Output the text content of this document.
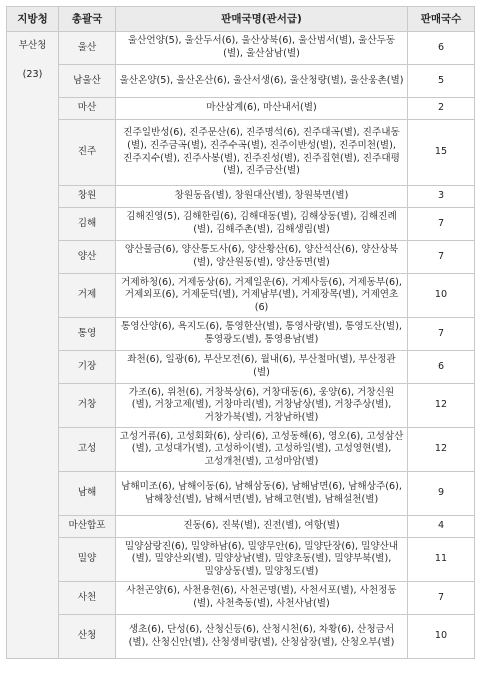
지방청	총괄국	판매국명(관서급)	판매국수

부산청
(23)	울산	울산언양(5), 울산두서(6), 울산상북(6), 울산범서(별), 울산두동(별), 울산삼남(별)	6
	남울산	울산온양(5), 울산온산(6), 울산서생(6), 울산청량(별), 울산웅촌(별)	5
	마산	마산삼계(6), 마산내서(별)	2
	진주	진주일반성(6), 진주문산(6), 진주명석(6), 진주대곡(별), 진주내동(별), 진주금곡(별), 진주수곡(별), 진주이반성(별), 진주미천(별), 진주지수(별), 진주사봉(별), 진주진성(별), 진주집현(별), 진주대평(별), 진주금산(별)	15
	창원	창원동읍(별), 창원대산(별), 창원북면(별)	3
	김해	김해진영(5), 김해한림(6), 김해대동(별), 김해상동(별), 김해진례(별), 김해주촌(별), 김해생림(별)	7
	양산	양산물금(6), 양산통도사(6), 양산황산(6), 양산석산(6), 양산상북(별), 양산원동(별), 양산동면(별)	7
	거제	거제하청(6), 거제동상(6), 거제일운(6), 거제사등(6), 거제동부(6), 거제외포(6), 거제둔덕(별), 거제남부(별), 거제장목(별), 거제연초(6)	10
	통영	통영산양(6), 욕지도(6), 통영한산(별), 통영사량(별), 통영도산(별), 통영광도(별), 통영용남(별)	7
	기장	좌천(6), 일광(6), 부산모전(6), 월내(6), 부산철마(별), 부산정관(별)	6
	거창	가조(6), 위천(6), 거창북상(6), 거창대동(6), 웅양(6), 거창신원(별), 거창고제(별), 거창마리(별), 거창남상(별), 거창주상(별), 거창가북(별), 거창남하(별)	12
	고성	고성거류(6), 고성회화(6), 상리(6), 고성동해(6), 영오(6), 고성삼산(별), 고성대가(별), 고성하이(별), 고성하일(별), 고성영현(별), 고성개천(별), 고성마암(별)	12
	남해	남해미조(6), 남해이동(6), 남해삼동(6), 남해남면(6), 남해상주(6), 남해창선(별), 남해서면(별), 남해고현(별), 남해설천(별)	9
	마산합포	진동(6), 진북(별), 진전(별), 여항(별)	4
	밀양	밀양삼랑진(6), 밀양하남(6), 밀양무안(6), 밀양단장(6), 밀양산내(별), 밀양산외(별), 밀양상남(별), 밀양초동(별), 밀양부북(별), 밀양상동(별), 밀양청도(별)	11
	사천	사천곤양(6), 사천용현(6), 사천곤명(별), 사천서포(별), 사천정동(별), 사천축동(별), 사천사남(별)	7
	산청	생초(6), 단성(6), 산청신등(6), 산청시천(6), 차황(6), 산청금서(별), 산청신안(별), 산청생비량(별), 산청삼장(별), 산청오부(별)	10
